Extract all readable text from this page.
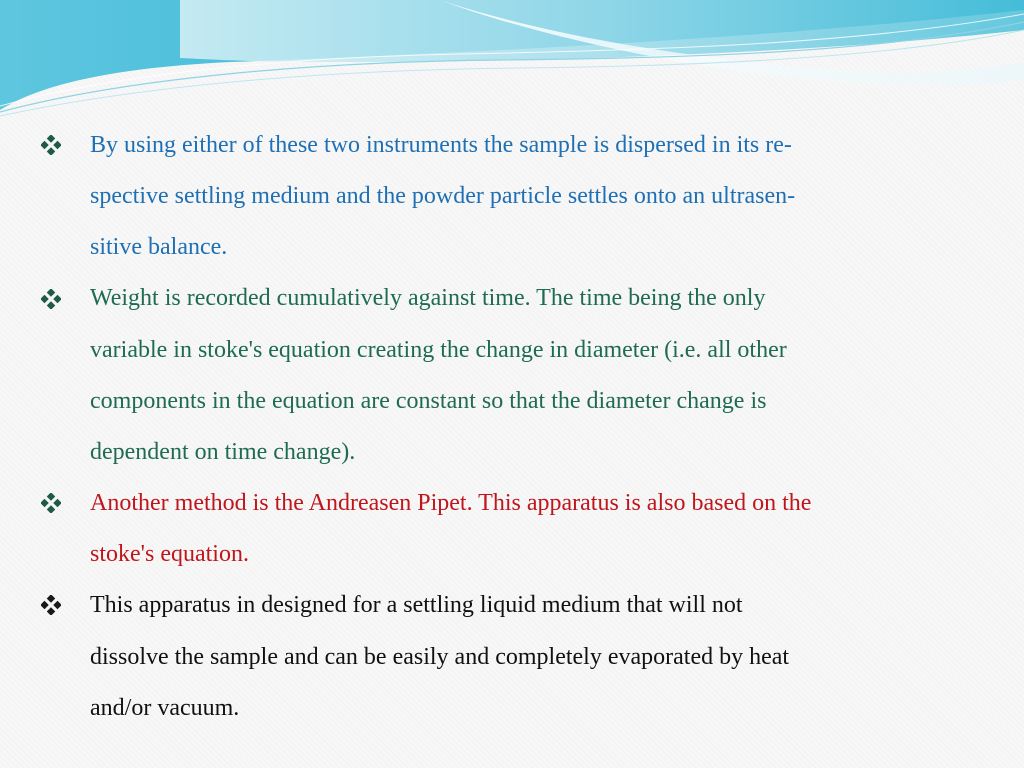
By using either of these two instruments the sample is dispersed in its re-
spective settling medium and the powder particle settles onto an ultrasen-
sitive balance.
Weight is recorded cumulatively against time. The time being the only
variable in stoke's equation creating the change in diameter (i.e. all other
components in the equation are constant so that the diameter change is
dependent on time change).
Another method is the Andreasen Pipet. This apparatus is also based on the
stoke's equation.
This apparatus in designed for a settling liquid medium that will not
dissolve the sample and can be easily and completely evaporated by heat
and/or vacuum.
